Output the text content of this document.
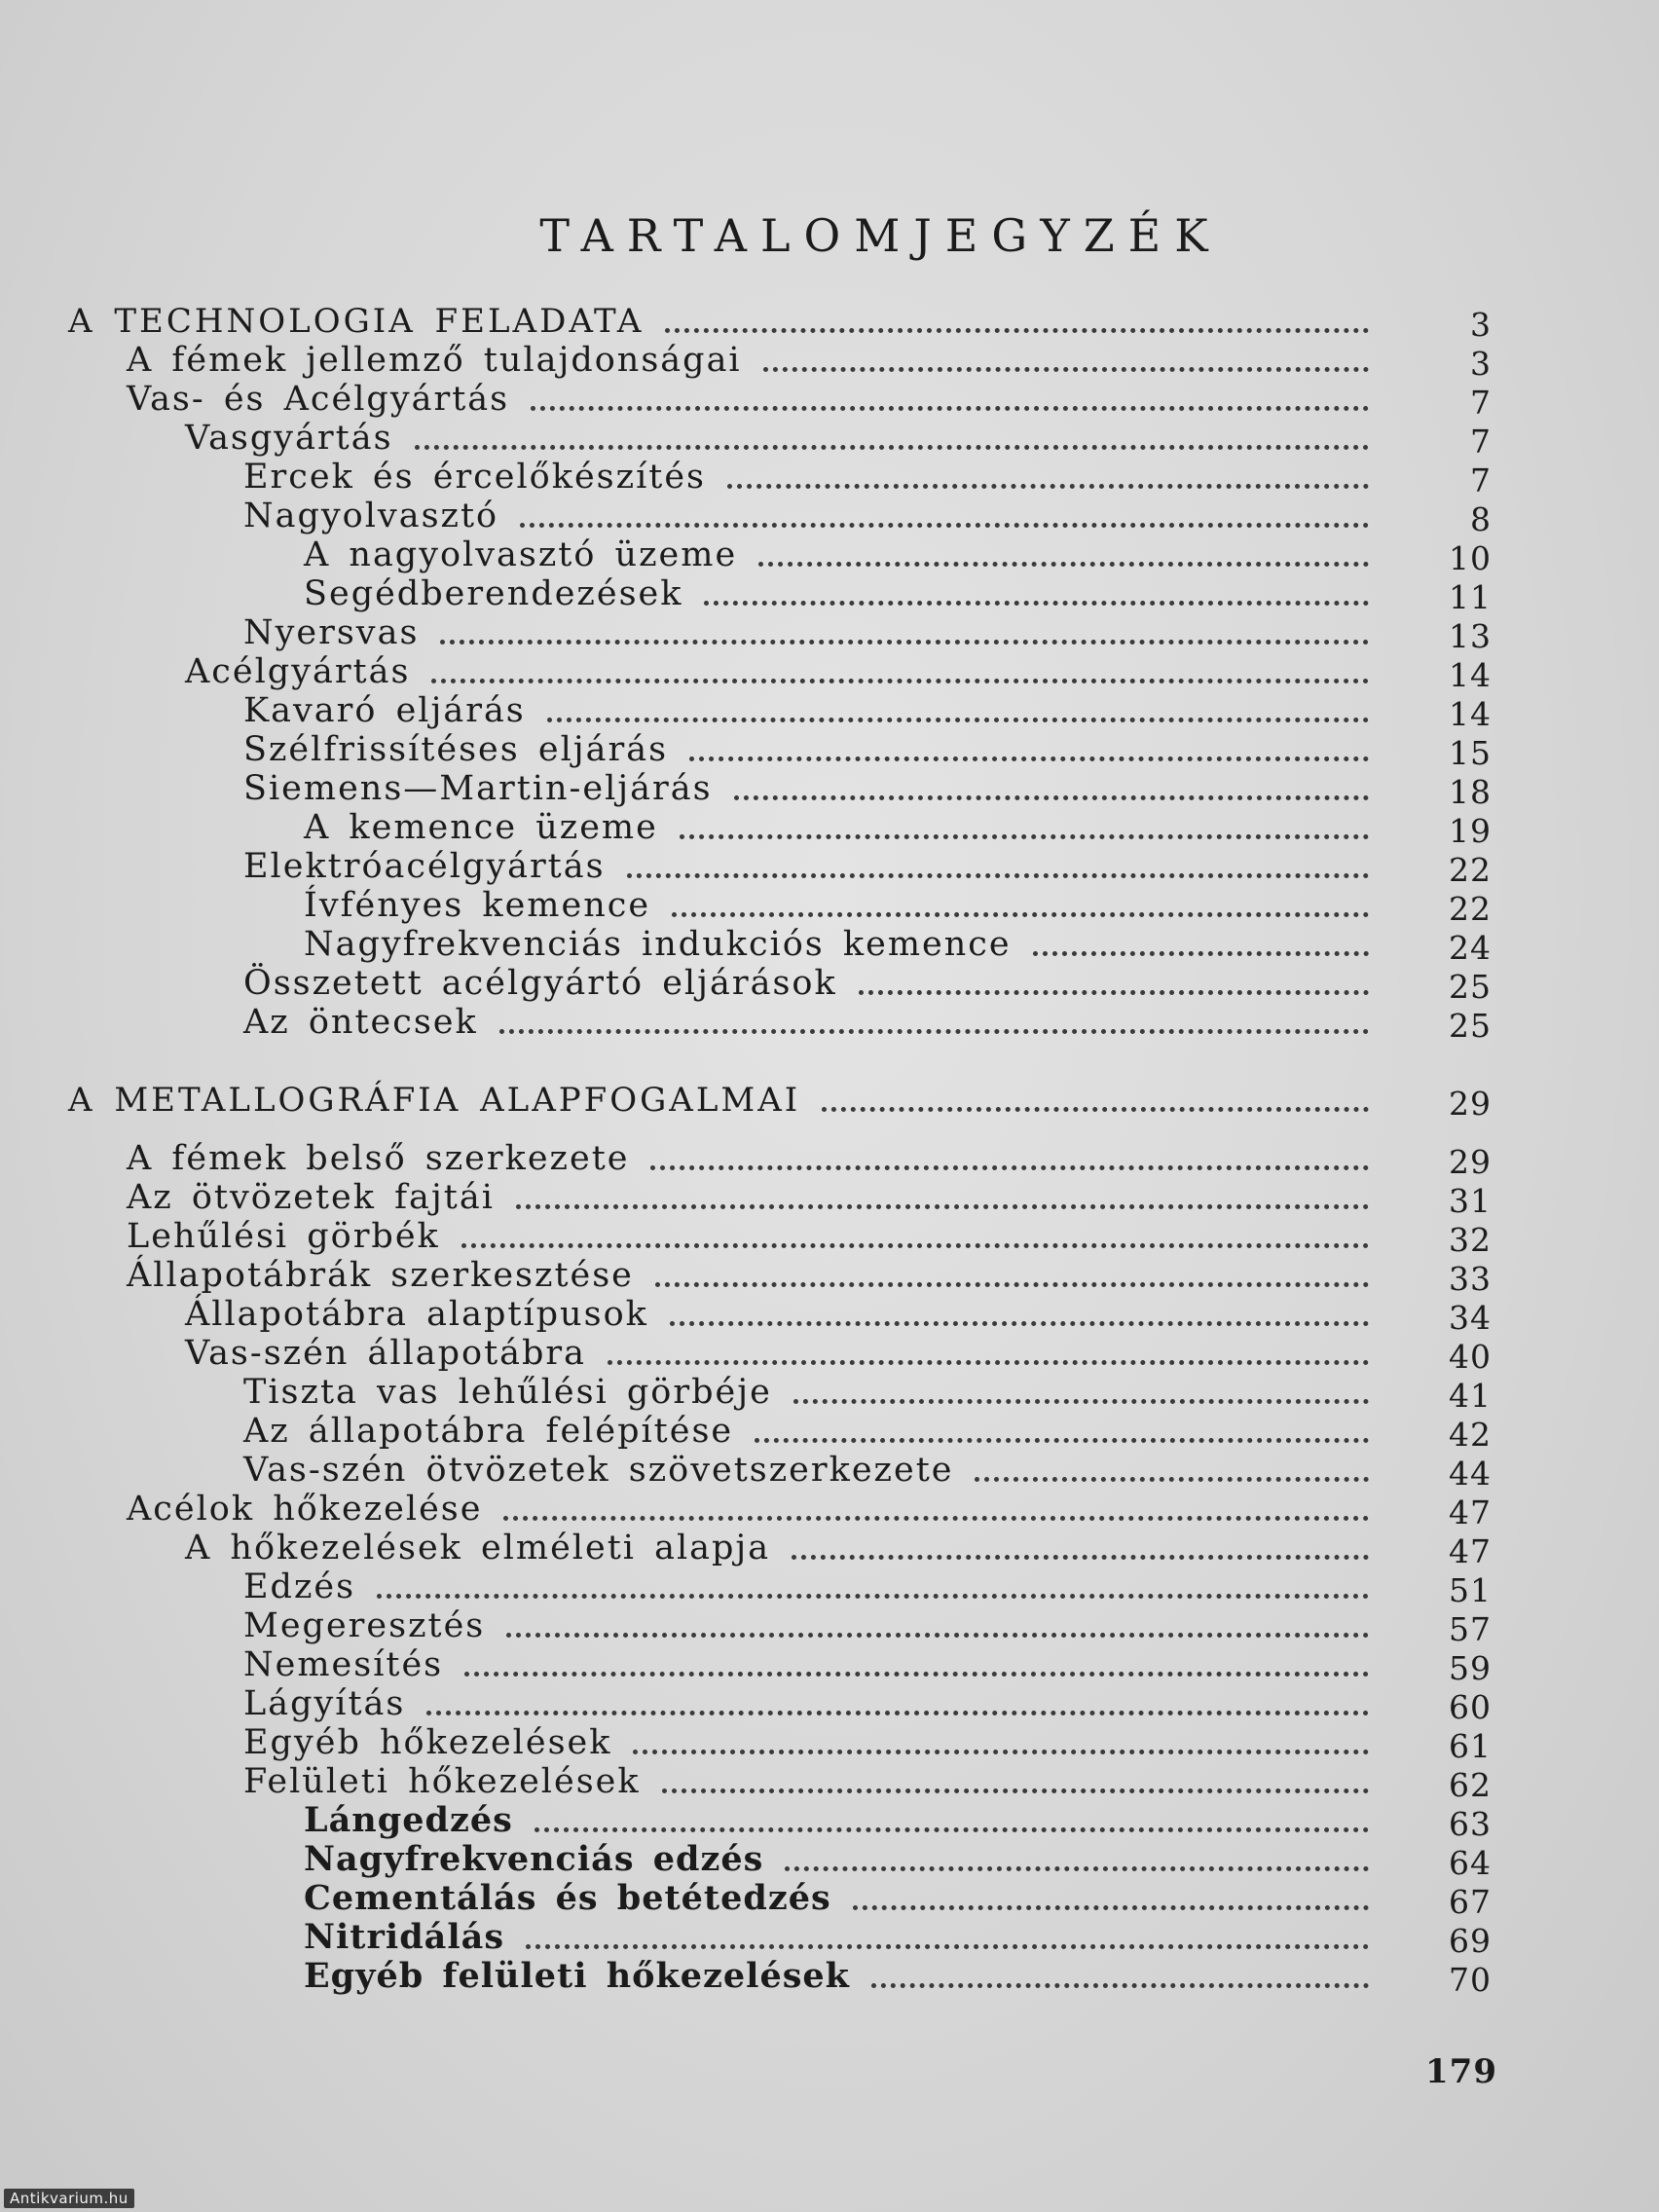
TARTALOMJEGYZÉK
A TECHNOLOGIA FELADATA	3
A fémek jellemző tulajdonságai	3
Vas- és Acélgyártás	7
Vasgyártás	7
Ercek és ércelőkészítés	7
Nagyolvasztó	8
A nagyolvasztó üzeme	10
Segédberendezések	11
Nyersvas	13
Acélgyártás	14
Kavaró eljárás	14
Szélfrissítéses eljárás	15
Siemens—Martin-eljárás	18
A kemence üzeme	19
Elektróacélgyártás	22
Ívfényes kemence	22
Nagyfrekvenciás indukciós kemence	24
Összetett acélgyártó eljárások	25
Az öntecsek	25
A METALLOGRÁFIA ALAPFOGALMAI	29
A fémek belső szerkezete	29
Az ötvözetek fajtái	31
Lehűlési görbék	32
Állapotábrák szerkesztése	33
Állapotábra alaptípusok	34
Vas-szén állapotábra	40
Tiszta vas lehűlési görbéje	41
Az állapotábra felépítése	42
Vas-szén ötvözetek szövetszerkezete	44
Acélok hőkezelése	47
A hőkezelések elméleti alapja	47
Edzés	51
Megeresztés	57
Nemesítés	59
Lágyítás	60
Egyéb hőkezelések	61
Felületi hőkezelések	62
Lángedzés	63
Nagyfrekvenciás edzés	64
Cementálás és betétedzés	67
Nitridálás	69
Egyéb felületi hőkezelések	70
179
Antikvarium.hu
